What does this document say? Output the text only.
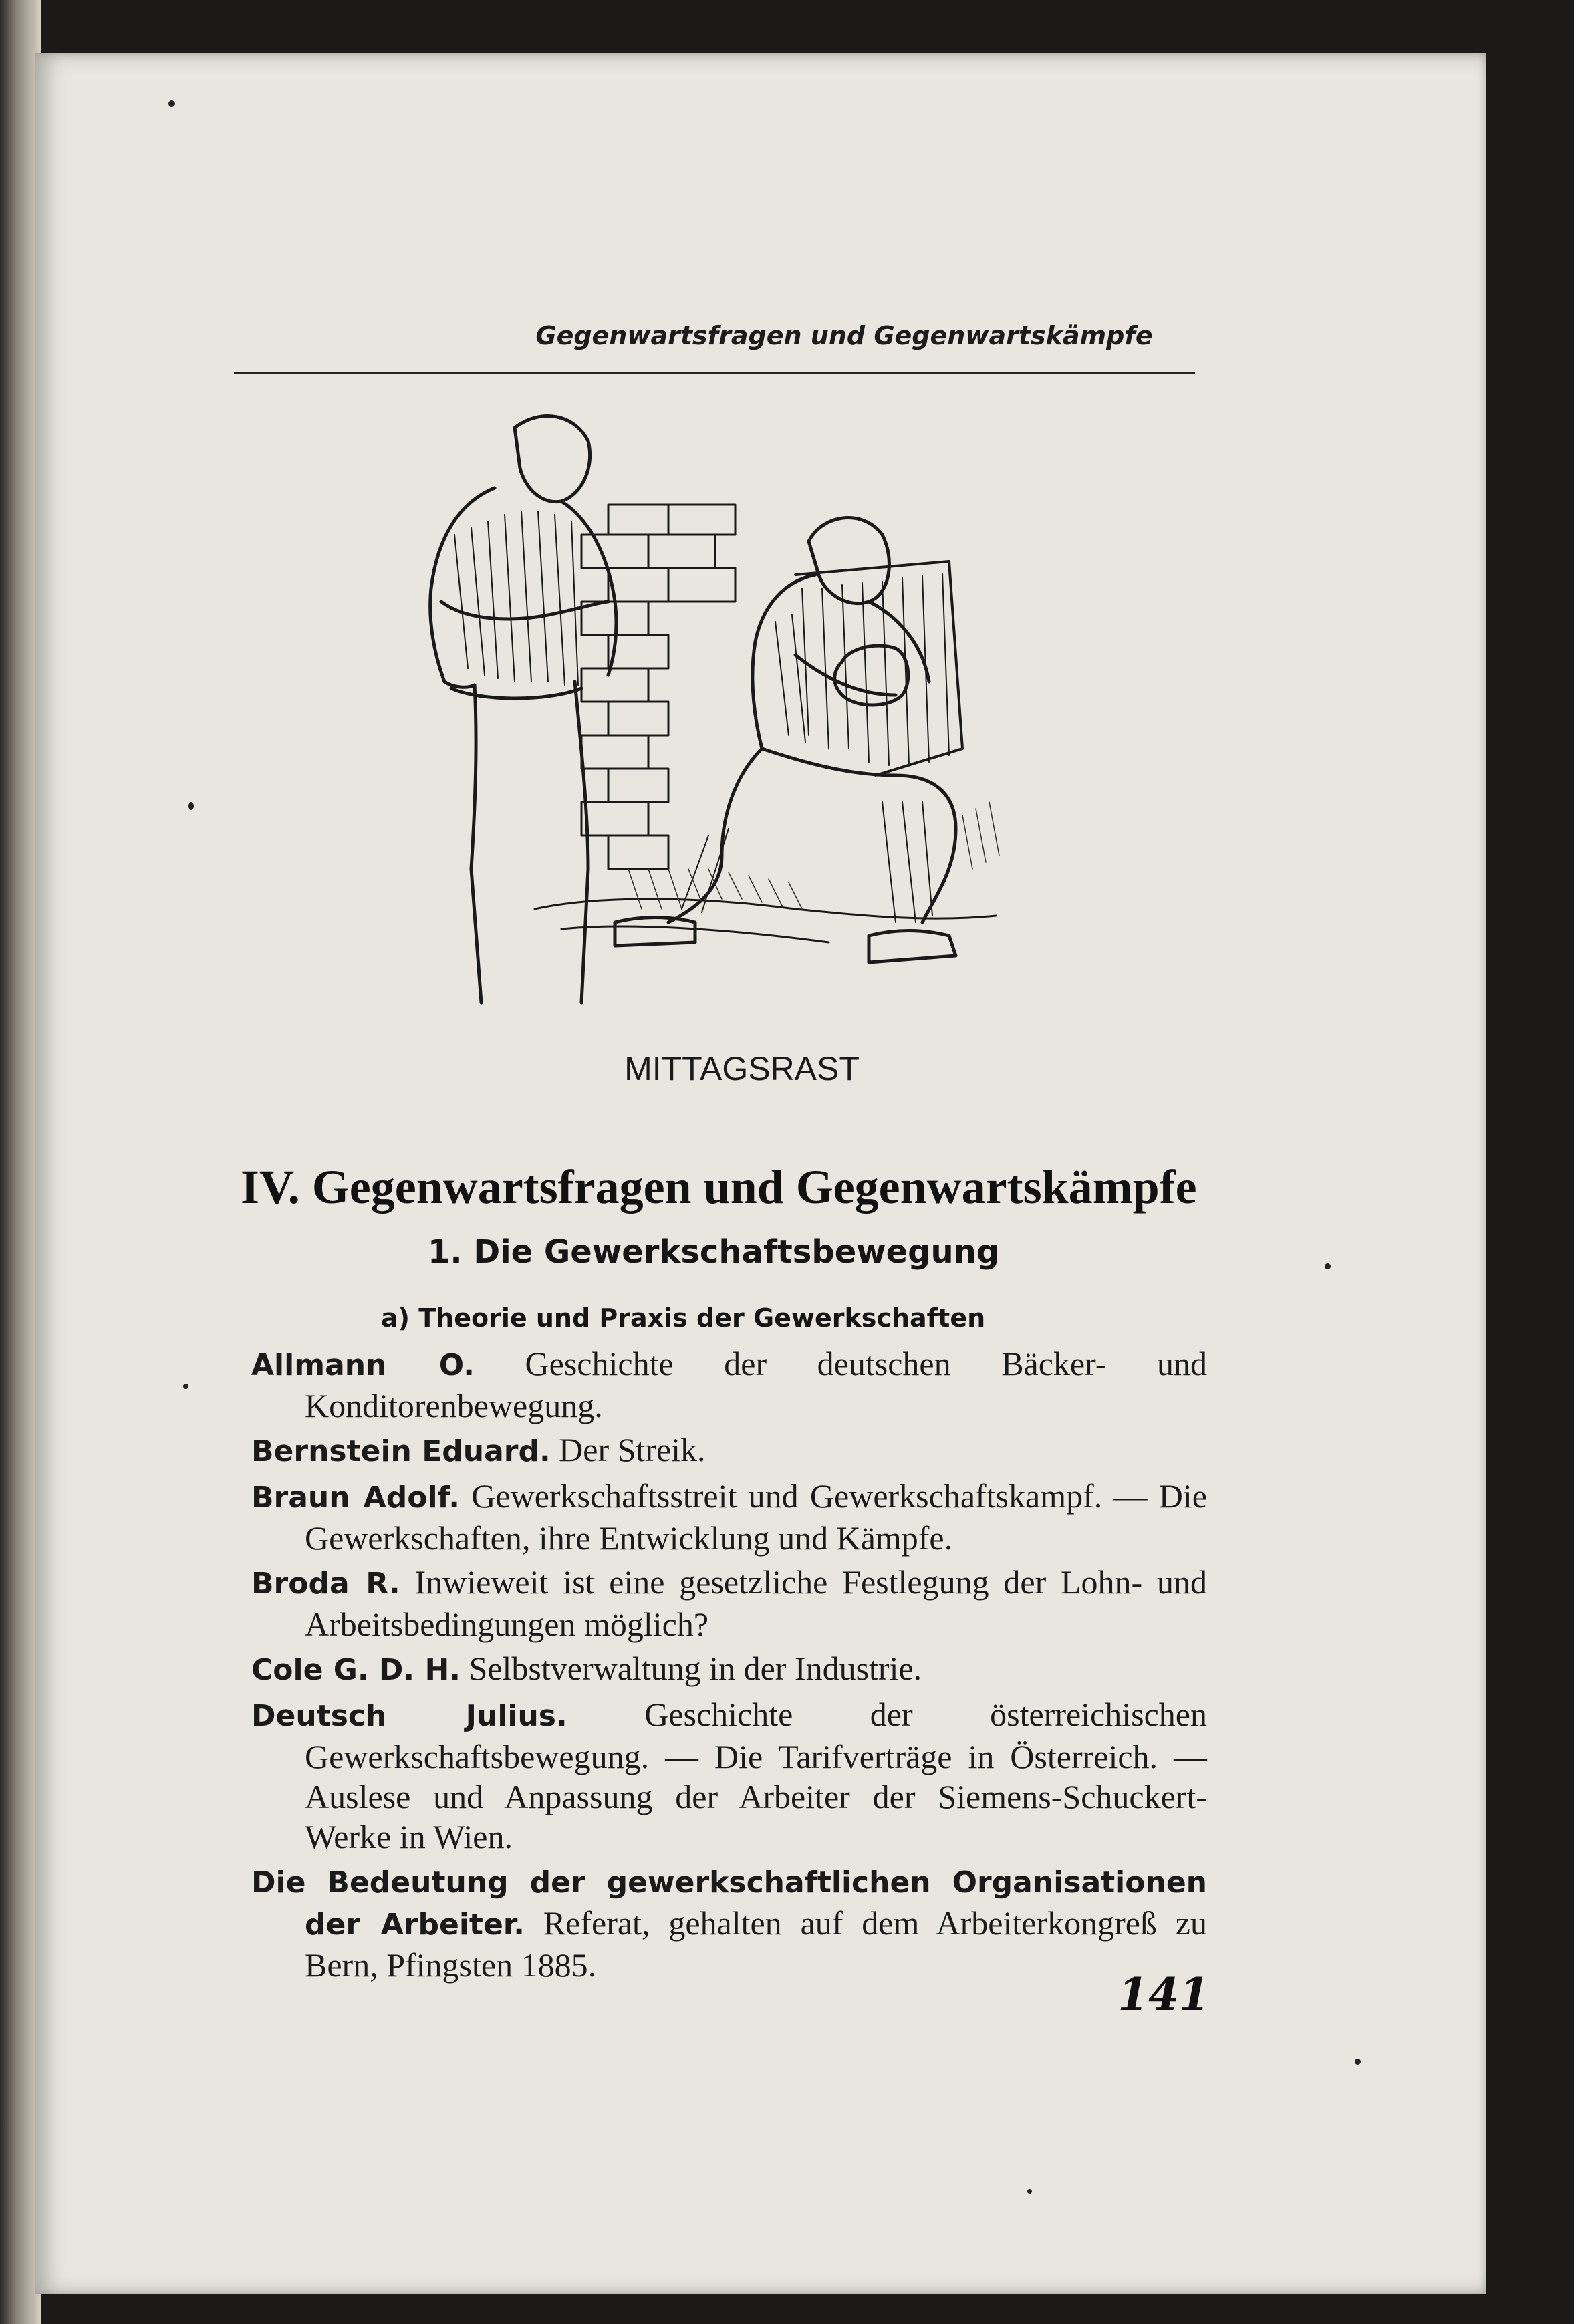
Gegenwartsfragen und Gegenwartskämpfe
MITTAGSRAST
IV. Gegenwartsfragen und Gegenwartskämpfe
1. Die Gewerkschaftsbewegung
a) Theorie und Praxis der Gewerkschaften

Allmann O. Geschichte der deutschen Bäcker- und Konditorenbewegung.

Bernstein Eduard. Der Streik.

Braun Adolf. Gewerkschaftsstreit und Gewerkschaftskampf. — Die Gewerkschaften, ihre Entwicklung und Kämpfe.

Broda R. Inwieweit ist eine gesetzliche Festlegung der Lohn- und Arbeitsbedingungen möglich?

Cole G. D. H. Selbstverwaltung in der Industrie.

Deutsch Julius. Geschichte der österreichischen Gewerkschaftsbewegung. — Die Tarifverträge in Österreich. — Auslese und Anpassung der Arbeiter der Siemens-Schuckert-Werke in Wien.

Die Bedeutung der gewerkschaftlichen Organisationen der Arbeiter. Referat, gehalten auf dem Arbeiterkongreß zu Bern, Pfingsten 1885.

141
